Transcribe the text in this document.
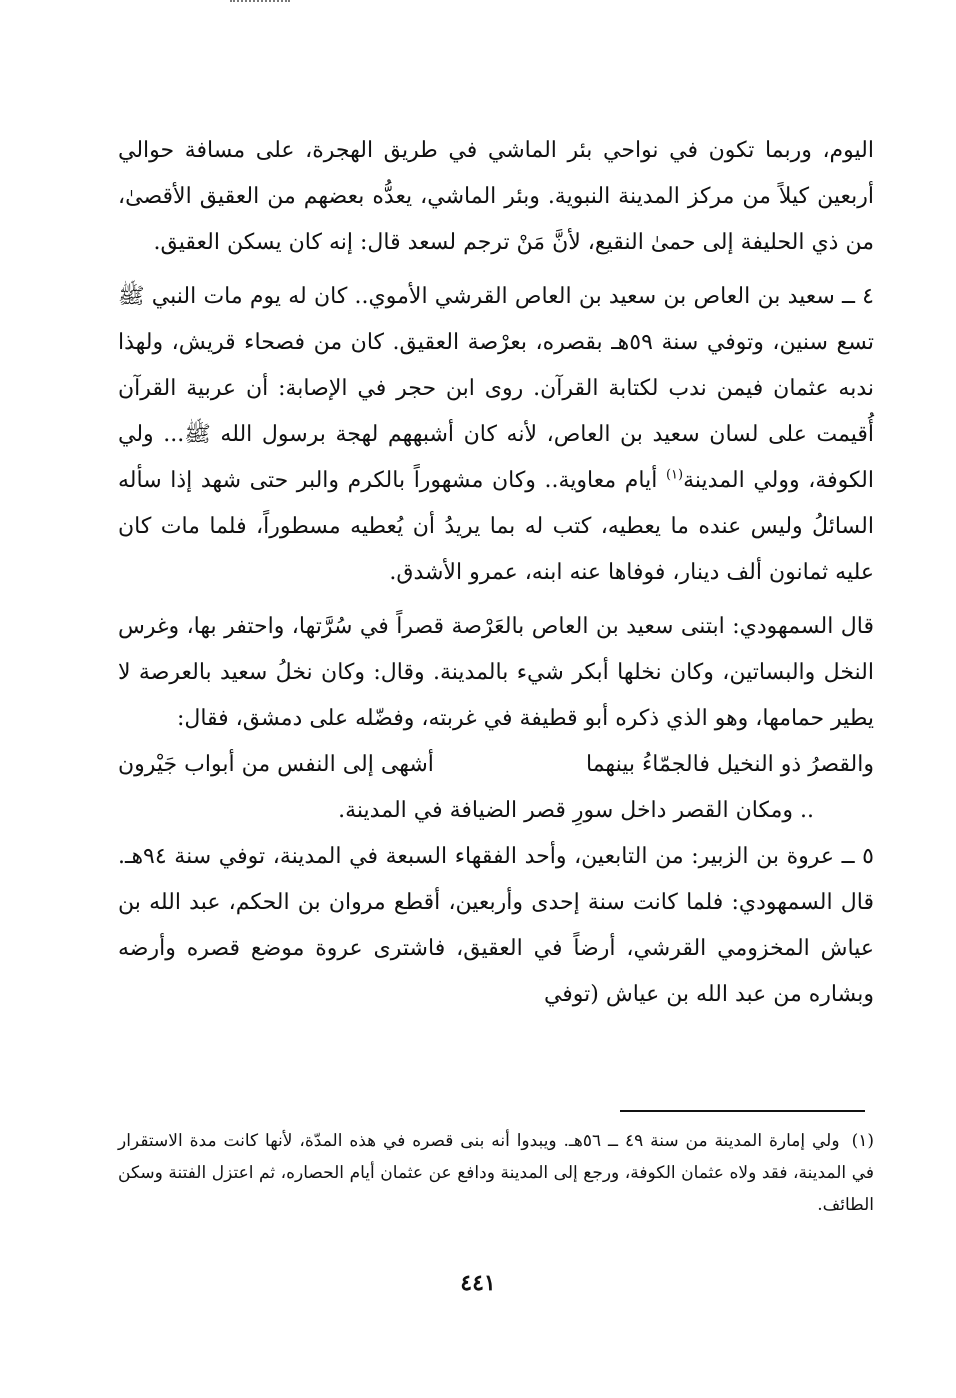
اليوم، وربما تكون في نواحي بئر الماشي في طريق الهجرة، على مسافة حوالي أربعين كيلاً من مركز المدينة النبوية. وبئر الماشي، يعدُّه بعضهم من العقيق الأقصىٰ، من ذي الحليفة إلى حمىٰ النقيع، لأنَّ مَنْ ترجم لسعد قال: إنه كان يسكن العقيق.

٤ ــ سعيد بن العاص بن سعيد بن العاص القرشي الأموي.. كان له يوم مات النبي ﷺ تسع سنين، وتوفي سنة ٥٩هـ بقصره، بعرْصة العقيق. كان من فصحاء قريش، ولهذا ندبه عثمان فيمن ندب لكتابة القرآن. روى ابن حجر في الإصابة: أن عربية القرآن أُقيمت على لسان سعيد بن العاص، لأنه كان أشبههم لهجة برسول الله ﷺ... ولي الكوفة، وولي المدينة$^{(١)}$ أيام معاوية.. وكان مشهوراً بالكرم والبر حتى شهد إذا سأله السائلُ وليس عنده ما يعطيه، كتب له بما يريدُ أن يُعطيه مسطوراً، فلما مات كان عليه ثمانون ألف دينار، فوفاها عنه ابنه، عمرو الأشدق.

قال السمهودي: ابتنى سعيد بن العاص بالعَرْصة قصراً في سُرَّتها، واحتفر بها، وغرس النخل والبساتين، وكان نخلها أبكر شيء بالمدينة. وقال: وكان نخلُ سعيد بالعرصة لا يطير حمامها، وهو الذي ذكره أبو قطيفة في غربته، وفضّله على دمشق، فقال:

والقصرُ ذو النخيل فالجمّاءُ بينهما
أشهى إلى النفس من أبواب جَيْرون

.. ومكان القصر داخل سورِ قصر الضيافة في المدينة.

٥ ــ عروة بن الزبير: من التابعين، وأحد الفقهاء السبعة في المدينة، توفي سنة ٩٤هـ. قال السمهودي: فلما كانت سنة إحدى وأربعين، أقطع مروان بن الحكم، عبد الله بن عياش المخزومي القرشي، أرضاً في العقيق، فاشترى عروة موضع قصره وأرضه وبشاره من عبد الله بن عياش (توفي

(١)ولي إمارة المدينة من سنة ٤٩ ــ ٥٦هـ. ويبدوا أنه بنى قصره في هذه المدّة، لأنها كانت مدة الاستقرار في المدينة، فقد ولاه عثمان الكوفة، ورجع إلى المدينة ودافع عن عثمان أيام الحصاره، ثم اعتزل الفتنة وسكن الطائف.

٤٤١
